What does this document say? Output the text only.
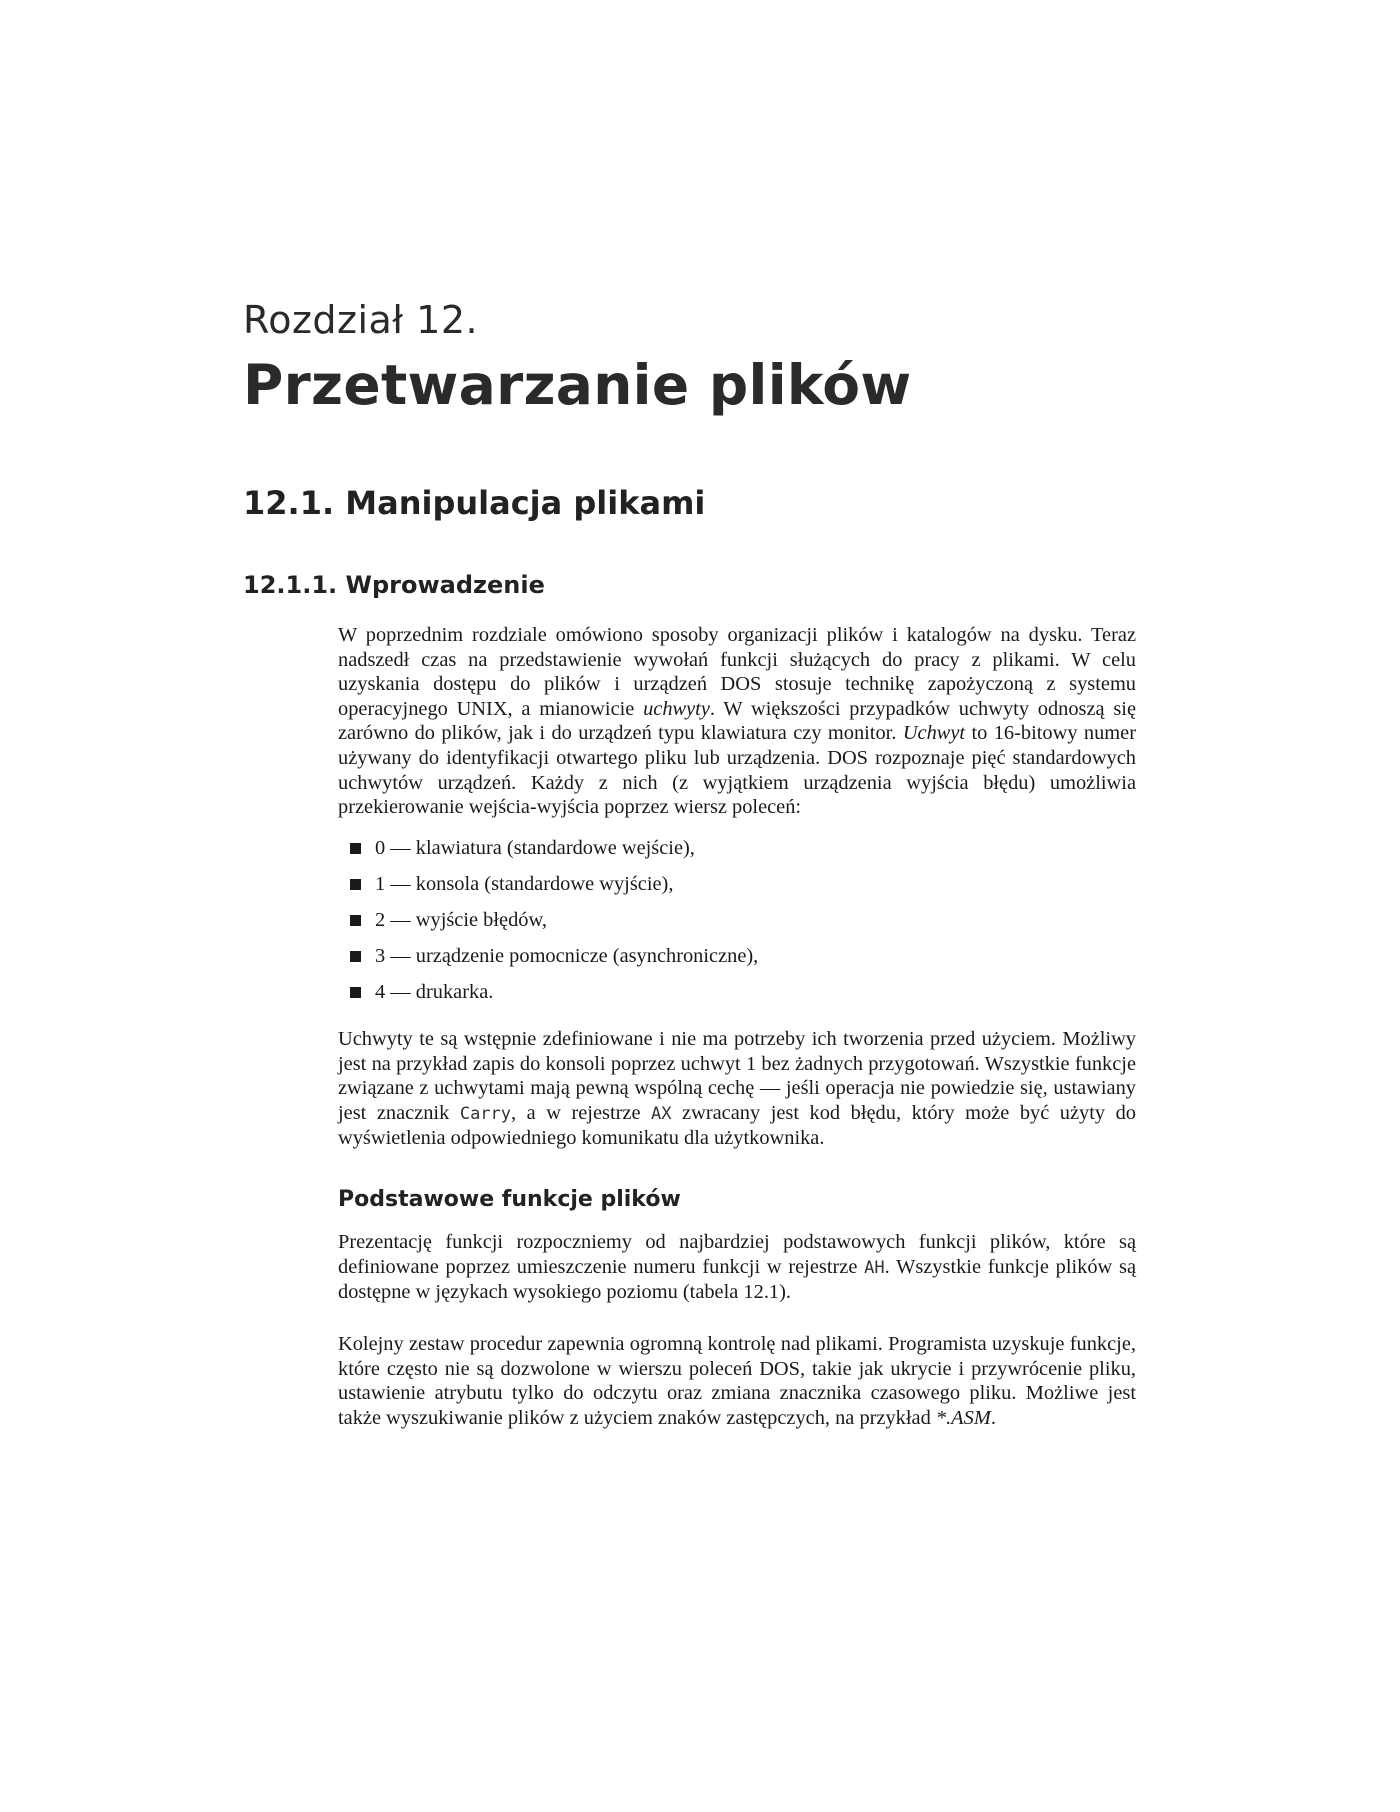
Rozdział 12.
Przetwarzanie plików
12.1. Manipulacja plikami
12.1.1. Wprowadzenie

W poprzednim rozdziale omówiono sposoby organizacji plików i katalogów na dysku. Teraz nadszedł czas na przedstawienie wywołań funkcji służących do pracy z plikami. W celu uzyskania dostępu do plików i urządzeń DOS stosuje technikę zapożyczoną z systemu operacyjnego UNIX, a mianowicie uchwyty. W większości przypadków uchwyty odnoszą się zarówno do plików, jak i do urządzeń typu klawiatura czy monitor. Uchwyt to 16-bitowy numer używany do identyfikacji otwartego pliku lub urządzenia. DOS rozpoznaje pięć standardowych uchwytów urządzeń. Każdy z nich (z wyjątkiem urządzenia wyjścia błędu) umożliwia przekierowanie wejścia-wyjścia poprzez wiersz poleceń:

0 — klawiatura (standardowe wejście),
1 — konsola (standardowe wyjście),
2 — wyjście błędów,
3 — urządzenie pomocnicze (asynchroniczne),
4 — drukarka.

Uchwyty te są wstępnie zdefiniowane i nie ma potrzeby ich tworzenia przed użyciem. Możliwy jest na przykład zapis do konsoli poprzez uchwyt 1 bez żadnych przygotowań. Wszystkie funkcje związane z uchwytami mają pewną wspólną cechę — jeśli operacja nie powiedzie się, ustawiany jest znacznik Carry, a w rejestrze AX zwracany jest kod błędu, który może być użyty do wyświetlenia odpowiedniego komunikatu dla użytkownika.

Podstawowe funkcje plików

Prezentację funkcji rozpoczniemy od najbardziej podstawowych funkcji plików, które są definiowane poprzez umieszczenie numeru funkcji w rejestrze AH. Wszystkie funkcje plików są dostępne w językach wysokiego poziomu (tabela 12.1).

Kolejny zestaw procedur zapewnia ogromną kontrolę nad plikami. Programista uzyskuje funkcje, które często nie są dozwolone w wierszu poleceń DOS, takie jak ukrycie i przywrócenie pliku, ustawienie atrybutu tylko do odczytu oraz zmiana znacznika czasowego pliku. Możliwe jest także wyszukiwanie plików z użyciem znaków zastępczych, na przykład *.ASM.
